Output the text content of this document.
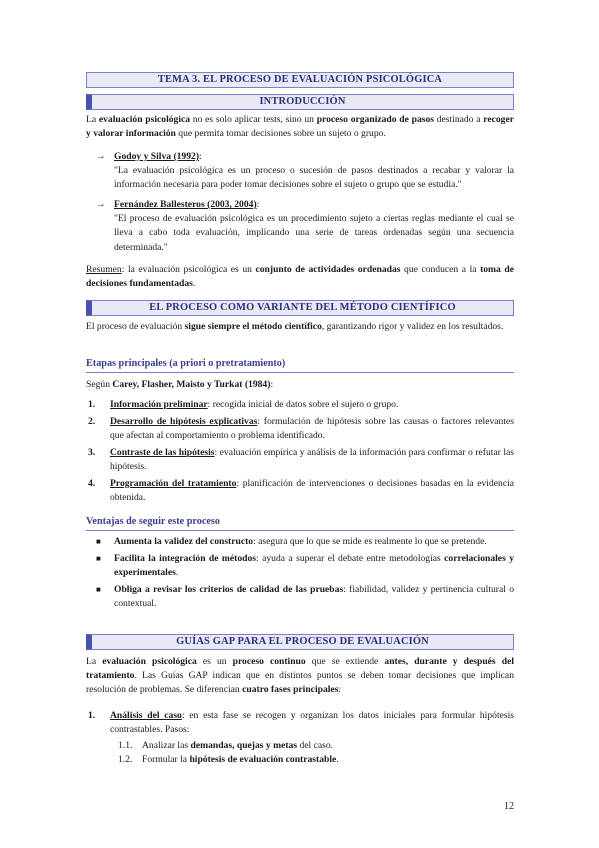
TEMA 3. EL PROCESO DE EVALUACIÓN PSICOLÓGICA
INTRODUCCIÓN

La evaluación psicológica no es solo aplicar tests, sino un proceso organizado de pasos destinado a recoger y valorar información que permita tomar decisiones sobre un sujeto o grupo.

→ Godoy y Silva (1992):
"La evaluación psicológica es un proceso o sucesión de pasos destinados a recabar y valorar la información necesaria para poder tomar decisiones sobre el sujeto o grupo que se estudia."
→ Fernández Ballesteros (2003, 2004):
"El proceso de evaluación psicológica es un procedimiento sujeto a ciertas reglas mediante el cual se lleva a cabo toda evaluación, implicando una serie de tareas ordenadas según una secuencia determinada."

Resumen: la evaluación psicológica es un conjunto de actividades ordenadas que conducen a la toma de decisiones fundamentadas.

EL PROCESO COMO VARIANTE DEL MÉTODO CIENTÍFICO

El proceso de evaluación sigue siempre el método científico, garantizando rigor y validez en los resultados.

Etapas principales (a priori o pretratamiento)

Según Carey, Flasher, Maisto y Turkat (1984):

1. Información preliminar: recogida inicial de datos sobre el sujeto o grupo.
2. Desarrollo de hipótesis explicativas: formulación de hipótesis sobre las causas o factores relevantes que afectan al comportamiento o problema identificado.
3. Contraste de las hipótesis: evaluación empírica y análisis de la información para confirmar o refutar las hipótesis.
4. Programación del tratamiento: planificación de intervenciones o decisiones basadas en la evidencia obtenida.
Ventajas de seguir este proceso
■ Aumenta la validez del constructo: asegura que lo que se mide es realmente lo que se pretende.
■ Facilita la integración de métodos: ayuda a superar el debate entre metodologías correlacionales y experimentales.
■ Obliga a revisar los criterios de calidad de las pruebas: fiabilidad, validez y pertinencia cultural o contextual.
GUÍAS GAP PARA EL PROCESO DE EVALUACIÓN

La evaluación psicológica es un proceso continuo que se extiende antes, durante y después del tratamiento. Las Guías GAP indican que en distintos puntos se deben tomar decisiones que implican resolución de problemas. Se diferencian cuatro fases principales:

1. Análisis del caso: en esta fase se recogen y organizan los datos iniciales para formular hipótesis contrastables. Pasos:
1.1. Analizar las demandas, quejas y metas del caso.
1.2. Formular la hipótesis de evaluación contrastable.
12
